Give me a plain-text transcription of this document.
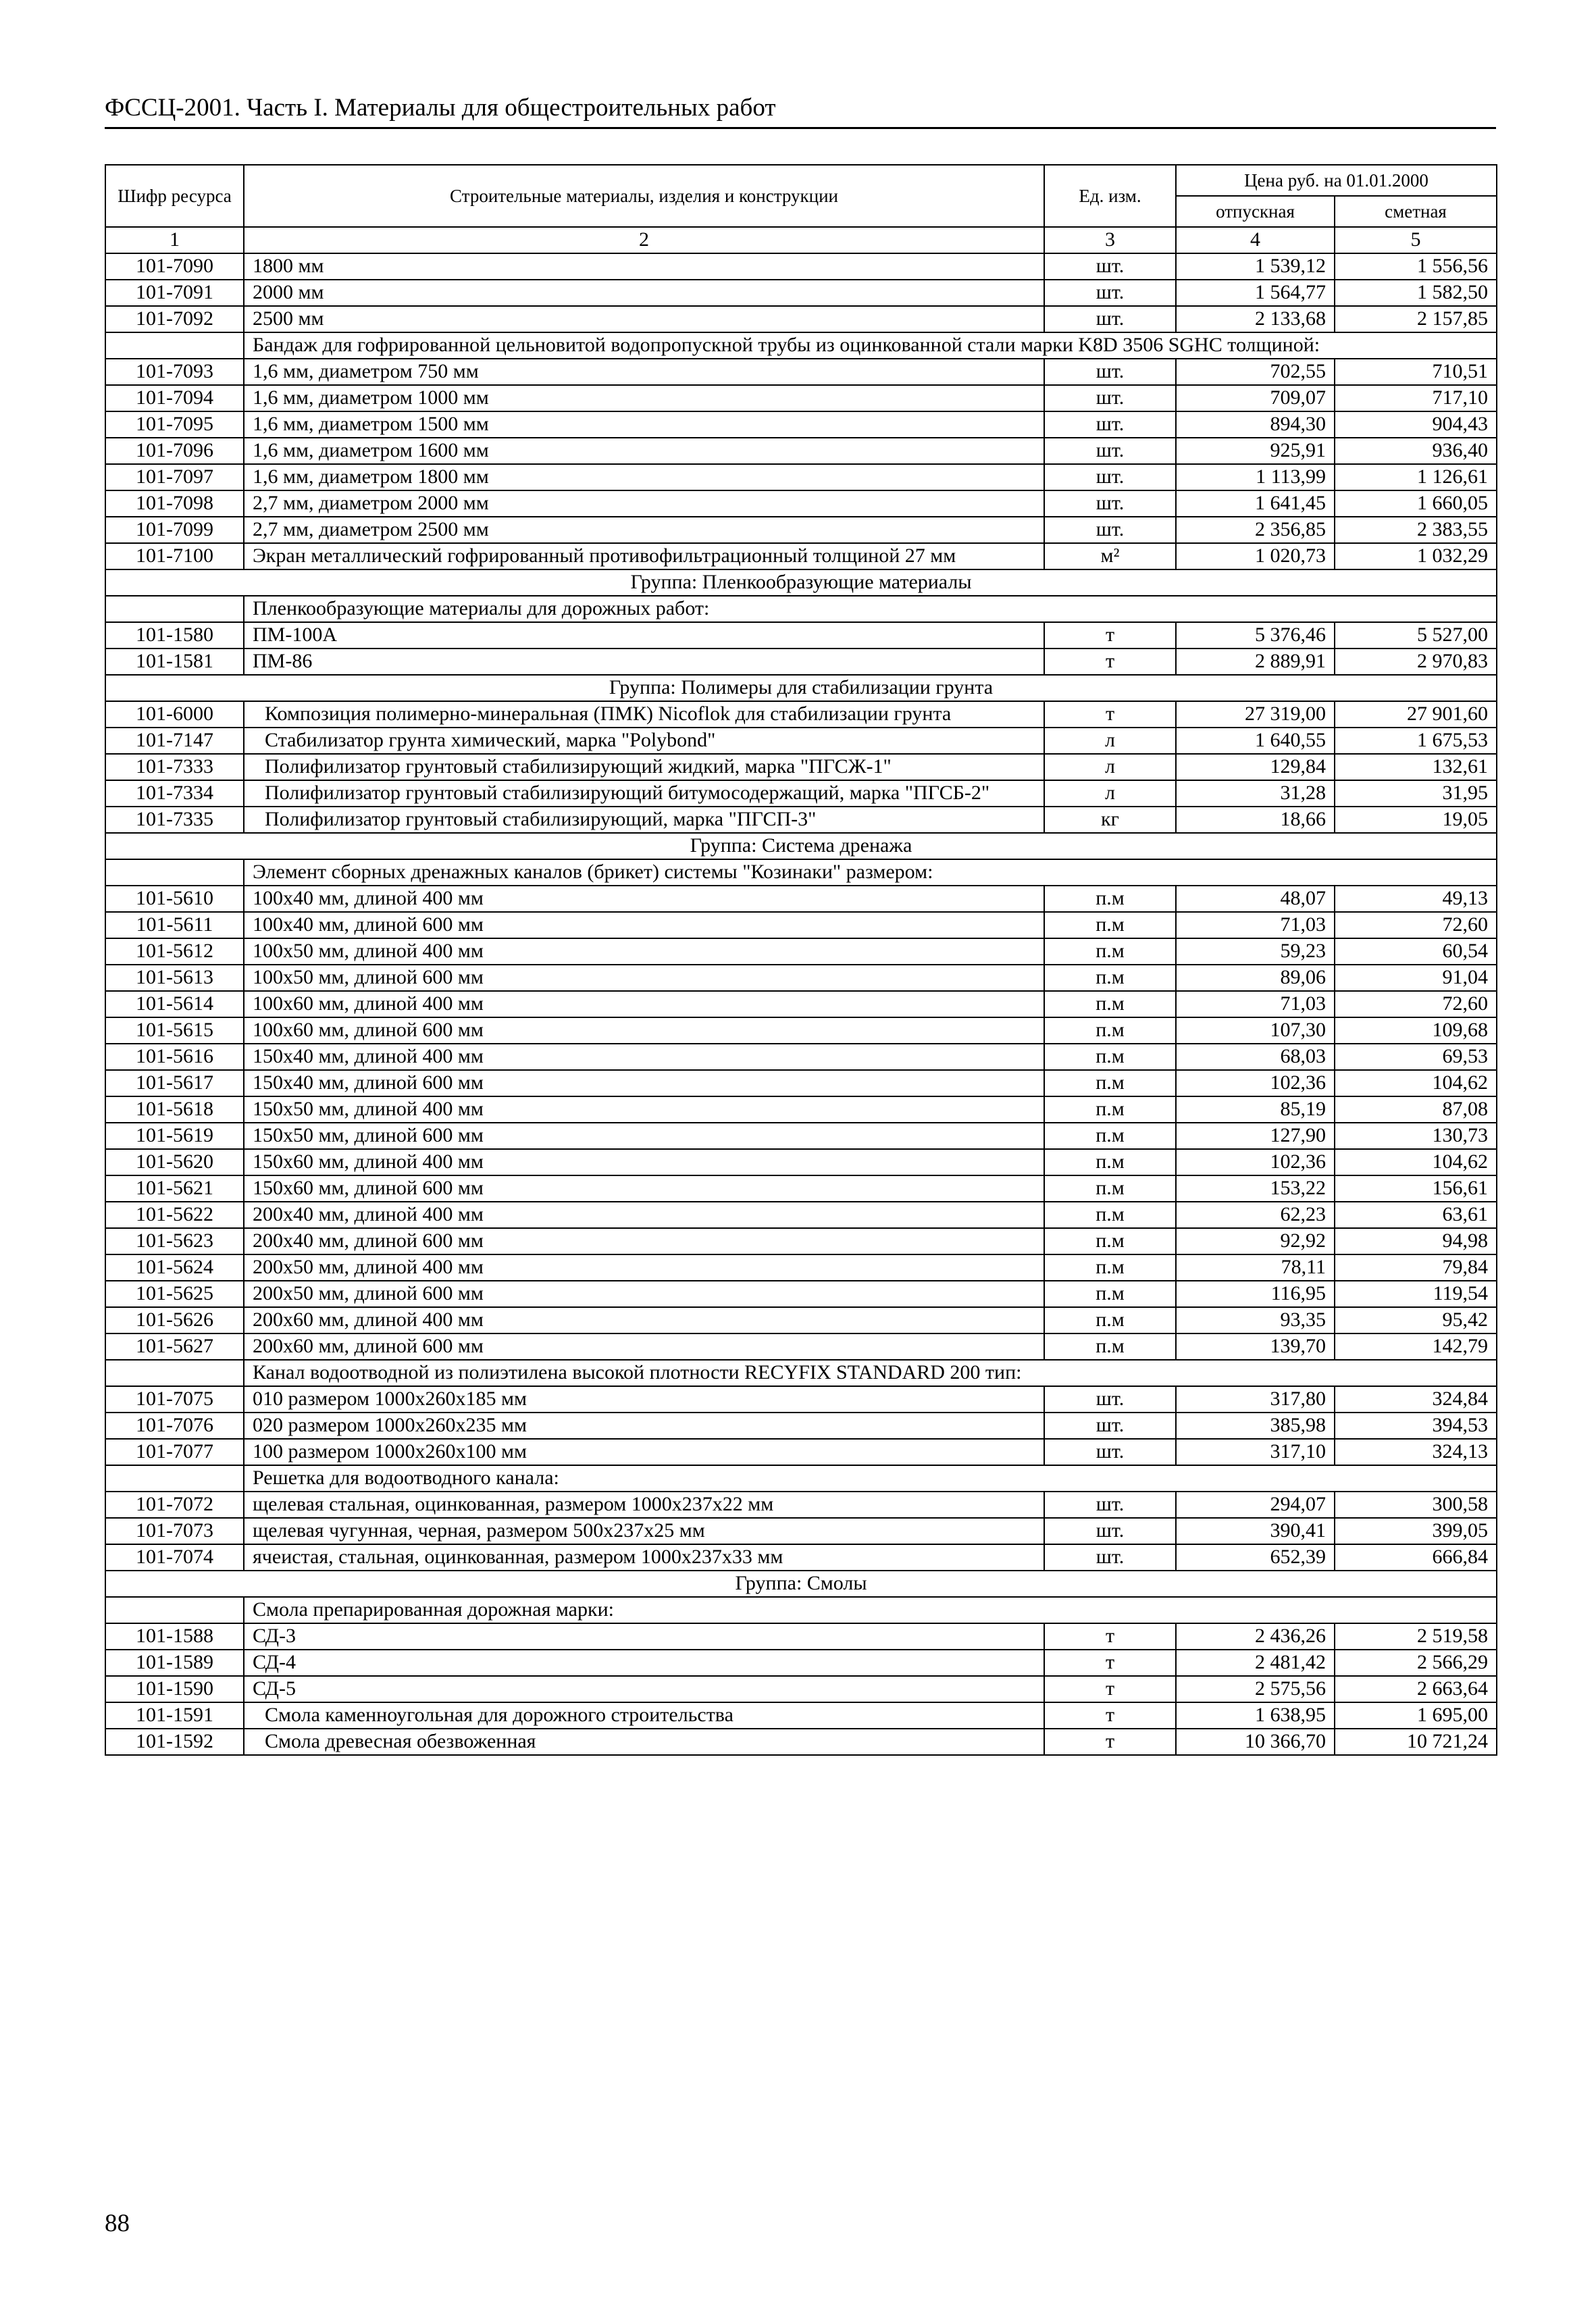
ФССЦ-2001. Часть I. Материалы для общестроительных работ
Шифр ресурса	Строительные материалы, изделия и конструкции	Ед. изм.	Цена руб. на 01.01.2000	
			отпускная	сметная
1	2	3	4	5
101-7090	1800 мм	шт.	1 539,12	1 556,56
101-7091	2000 мм	шт.	1 564,77	1 582,50
101-7092	2500 мм	шт.	2 133,68	2 157,85
	Бандаж для гофрированной цельновитой водопропускной трубы из оцинкованной стали марки K8D 3506 SGHC толщиной:			
101-7093	1,6 мм, диаметром 750 мм	шт.	702,55	710,51
101-7094	1,6 мм, диаметром 1000 мм	шт.	709,07	717,10
101-7095	1,6 мм, диаметром 1500 мм	шт.	894,30	904,43
101-7096	1,6 мм, диаметром 1600 мм	шт.	925,91	936,40
101-7097	1,6 мм, диаметром 1800 мм	шт.	1 113,99	1 126,61
101-7098	2,7 мм, диаметром 2000 мм	шт.	1 641,45	1 660,05
101-7099	2,7 мм, диаметром 2500 мм	шт.	2 356,85	2 383,55
101-7100	Экран металлический гофрированный противофильтрационный толщиной 27 мм	м²	1 020,73	1 032,29
Группа: Пленкообразующие материалы				
	Пленкообразующие материалы для дорожных работ:			
101-1580	ПМ-100А	т	5 376,46	5 527,00
101-1581	ПМ-86	т	2 889,91	2 970,83
Группа: Полимеры для стабилизации грунта				
101-6000	Композиция полимерно-минеральная (ПМК) Nicoflok для стабилизации грунта	т	27 319,00	27 901,60
101-7147	Стабилизатор грунта химический, марка "Polybond"	л	1 640,55	1 675,53
101-7333	Полифилизатор грунтовый стабилизирующий жидкий, марка "ПГСЖ-1"	л	129,84	132,61
101-7334	Полифилизатор грунтовый стабилизирующий битумосодержащий, марка "ПГСБ-2"	л	31,28	31,95
101-7335	Полифилизатор грунтовый стабилизирующий, марка "ПГСП-3"	кг	18,66	19,05
Группа: Система дренажа				
	Элемент сборных дренажных каналов (брикет) системы "Козинаки" размером:			
101-5610	100х40 мм, длиной 400 мм	п.м	48,07	49,13
101-5611	100х40 мм, длиной 600 мм	п.м	71,03	72,60
101-5612	100х50 мм, длиной 400 мм	п.м	59,23	60,54
101-5613	100х50 мм, длиной 600 мм	п.м	89,06	91,04
101-5614	100х60 мм, длиной 400 мм	п.м	71,03	72,60
101-5615	100х60 мм, длиной 600 мм	п.м	107,30	109,68
101-5616	150х40 мм, длиной 400 мм	п.м	68,03	69,53
101-5617	150х40 мм, длиной 600 мм	п.м	102,36	104,62
101-5618	150х50 мм, длиной 400 мм	п.м	85,19	87,08
101-5619	150х50 мм, длиной 600 мм	п.м	127,90	130,73
101-5620	150х60 мм, длиной 400 мм	п.м	102,36	104,62
101-5621	150х60 мм, длиной 600 мм	п.м	153,22	156,61
101-5622	200х40 мм, длиной 400 мм	п.м	62,23	63,61
101-5623	200х40 мм, длиной 600 мм	п.м	92,92	94,98
101-5624	200х50 мм, длиной 400 мм	п.м	78,11	79,84
101-5625	200х50 мм, длиной 600 мм	п.м	116,95	119,54
101-5626	200х60 мм, длиной 400 мм	п.м	93,35	95,42
101-5627	200х60 мм, длиной 600 мм	п.м	139,70	142,79
	Канал водоотводной из полиэтилена высокой плотности RECYFIX STANDARD 200 тип:			
101-7075	010 размером 1000х260х185 мм	шт.	317,80	324,84
101-7076	020 размером 1000х260х235 мм	шт.	385,98	394,53
101-7077	100 размером 1000х260х100 мм	шт.	317,10	324,13
	Решетка для водоотводного канала:			
101-7072	щелевая стальная, оцинкованная, размером 1000х237х22 мм	шт.	294,07	300,58
101-7073	щелевая чугунная, черная, размером 500х237х25 мм	шт.	390,41	399,05
101-7074	ячеистая, стальная, оцинкованная, размером 1000х237х33 мм	шт.	652,39	666,84
Группа: Смолы				
	Смола препарированная дорожная марки:			
101-1588	СД-3	т	2 436,26	2 519,58
101-1589	СД-4	т	2 481,42	2 566,29
101-1590	СД-5	т	2 575,56	2 663,64
101-1591	Смола каменноугольная для дорожного строительства	т	1 638,95	1 695,00
101-1592	Смола древесная обезвоженная	т	10 366,70	10 721,24
88
